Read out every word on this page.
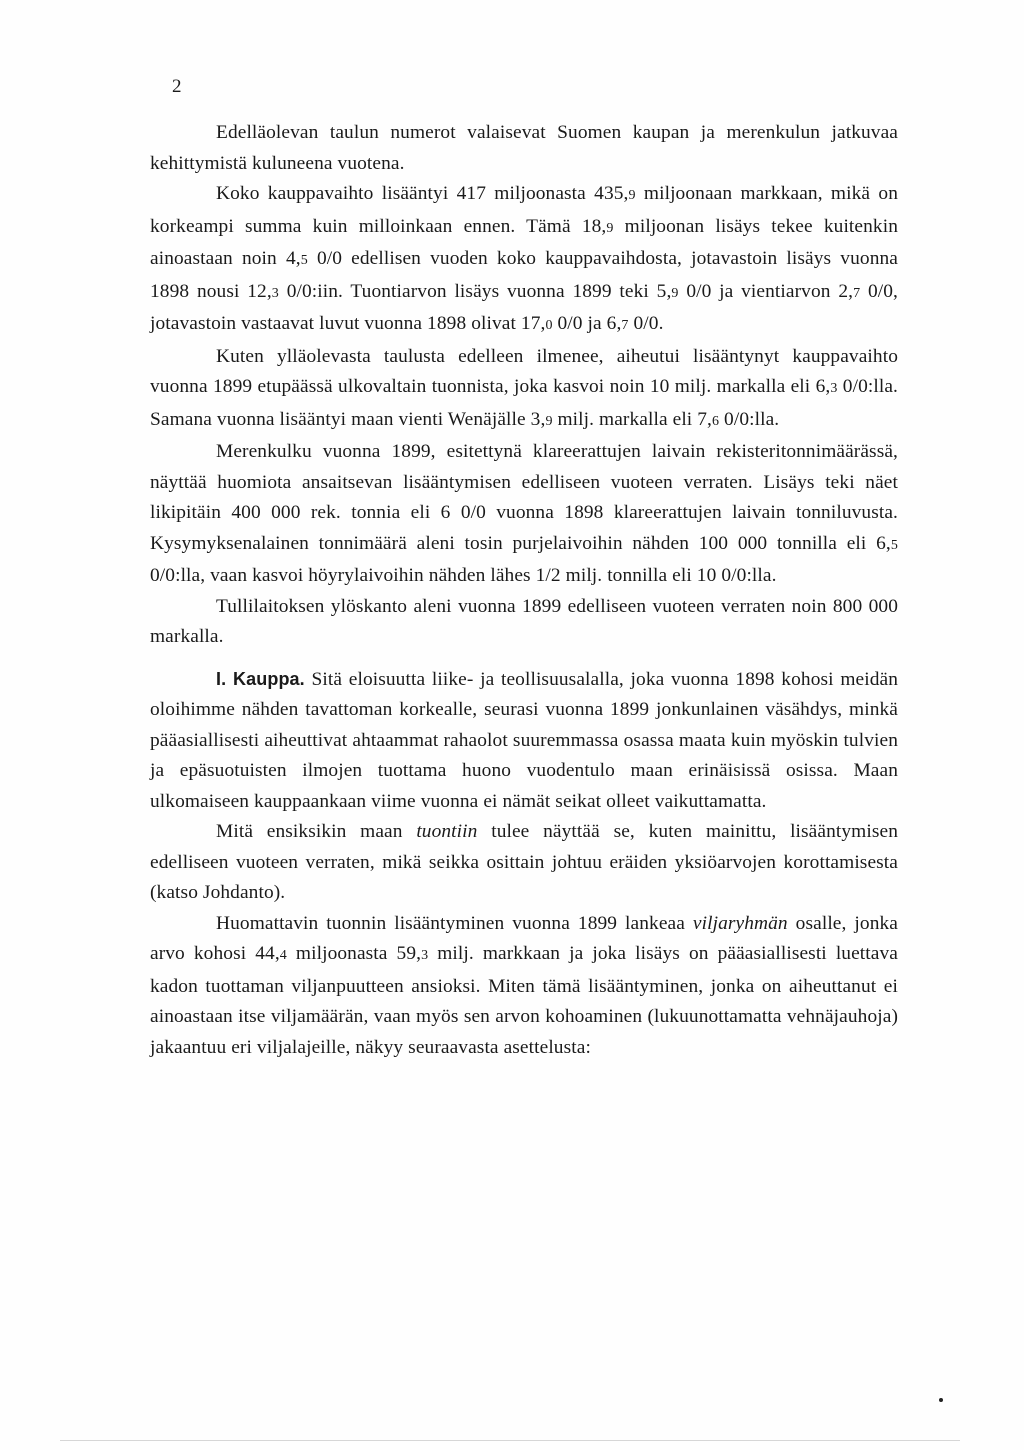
2

Edelläolevan taulun numerot valaisevat Suomen kaupan ja merenkulun jatkuvaa kehittymistä kuluneena vuotena.

Koko kauppavaihto lisääntyi 417 miljoonasta 435,9 miljoonaan markkaan, mikä on korkeampi summa kuin milloinkaan ennen. Tämä 18,9 miljoonan lisäys tekee kuitenkin ainoastaan noin 4,5 0/0 edellisen vuoden koko kauppavaihdosta, jotavastoin lisäys vuonna 1898 nousi 12,3 0/0:iin. Tuontiarvon lisäys vuonna 1899 teki 5,9 0/0 ja vientiarvon 2,7 0/0, jotavastoin vastaavat luvut vuonna 1898 olivat 17,0 0/0 ja 6,7 0/0.

Kuten ylläolevasta taulusta edelleen ilmenee, aiheutui lisääntynyt kauppavaihto vuonna 1899 etupäässä ulkovaltain tuonnista, joka kasvoi noin 10 milj. markalla eli 6,3 0/0:lla. Samana vuonna lisääntyi maan vienti Wenäjälle 3,9 milj. markalla eli 7,6 0/0:lla.

Merenkulku vuonna 1899, esitettynä klareerattujen laivain rekisteritonnimäärässä, näyttää huomiota ansaitsevan lisääntymisen edelliseen vuoteen verraten. Lisäys teki näet likipitäin 400 000 rek. tonnia eli 6 0/0 vuonna 1898 klareerattujen laivain tonniluvusta. Kysymyksenalainen tonnimäärä aleni tosin purjelaivoihin nähden 100 000 tonnilla eli 6,5 0/0:lla, vaan kasvoi höyrylaivoihin nähden lähes 1/2 milj. tonnilla eli 10 0/0:lla.

Tullilaitoksen ylöskanto aleni vuonna 1899 edelliseen vuoteen verraten noin 800 000 markalla.

I. Kauppa. Sitä eloisuutta liike- ja teollisuusalalla, joka vuonna 1898 kohosi meidän oloihimme nähden tavattoman korkealle, seurasi vuonna 1899 jonkunlainen väsähdys, minkä pääasiallisesti aiheuttivat ahtaammat rahaolot suuremmassa osassa maata kuin myöskin tulvien ja epäsuotuisten ilmojen tuottama huono vuodentulo maan erinäisissä osissa. Maan ulkomaiseen kauppaankaan viime vuonna ei nämät seikat olleet vaikuttamatta.

Mitä ensiksikin maan tuontiin tulee näyttää se, kuten mainittu, lisääntymisen edelliseen vuoteen verraten, mikä seikka osittain johtuu eräiden yksiöarvojen korottamisesta (katso Johdanto).

Huomattavin tuonnin lisääntyminen vuonna 1899 lankeaa viljaryhmän osalle, jonka arvo kohosi 44,4 miljoonasta 59,3 milj. markkaan ja joka lisäys on pääasiallisesti luettava kadon tuottaman viljanpuutteen ansioksi. Miten tämä lisääntyminen, jonka on aiheuttanut ei ainoastaan itse viljamäärän, vaan myös sen arvon kohoaminen (lukuunottamatta vehnäjauhoja) jakaantuu eri viljalajeille, näkyy seuraavasta asettelusta:
